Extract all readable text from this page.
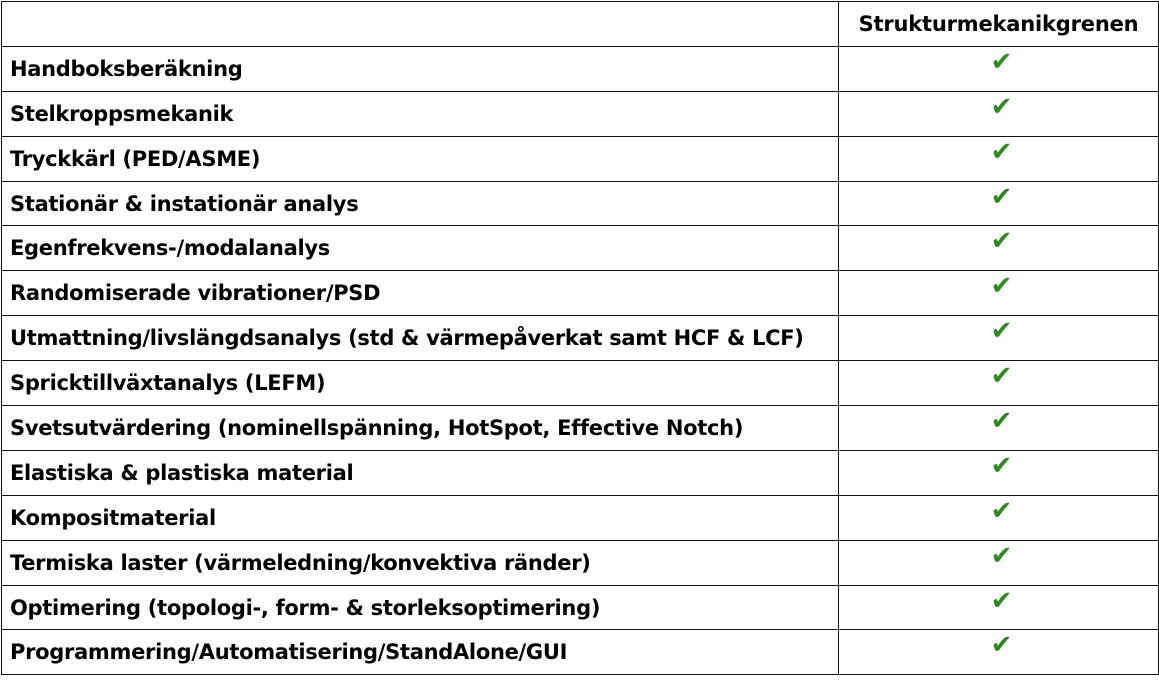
	Strukturmekanikgrenen
Handboksberäkning	✔
Stelkroppsmekanik	✔
Tryckkärl (PED/ASME)	✔
Stationär & instationär analys	✔
Egenfrekvens-/modalanalys	✔
Randomiserade vibrationer/PSD	✔
Utmattning/livslängdsanalys (std & värmepåverkat samt HCF & LCF)	✔
Spricktillväxtanalys (LEFM)	✔
Svetsutvärdering (nominellspänning, HotSpot, Effective Notch)	✔
Elastiska & plastiska material	✔
Kompositmaterial	✔
Termiska laster (värmeledning/konvektiva ränder)	✔
Optimering (topologi-, form- & storleksoptimering)	✔
Programmering/Automatisering/StandAlone/GUI	✔
